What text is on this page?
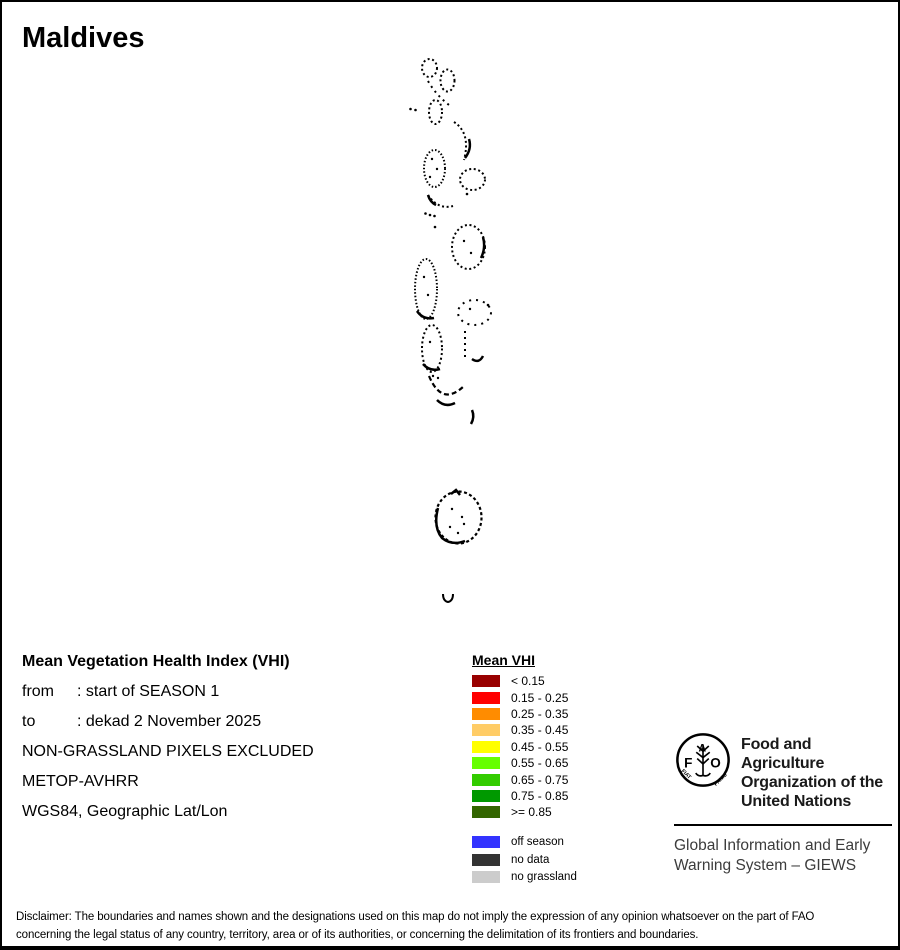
Maldives
Mean Vegetation Health Index (VHI)
from : start of SEASON 1
to	: dekad 2 November 2025
NON-GRASSLAND PIXELS EXCLUDED
METOP-AVHRR
WGS84, Geographic Lat/Lon
Mean VHI
< 0.15
0.15 - 0.25
0.25 - 0.35
0.35 - 0.45
0.45 - 0.55
0.55 - 0.65
0.65 - 0.75
0.75 - 0.85
>= 0.85
off season
no data
no grassland
A
F O
FIAT	PANIS
Food and Agriculture
Organization of the
United Nations
Global Information and Early
Warning System – GIEWS
Disclaimer: The boundaries and names shown and the designations used on this map do not imply the expression of any opinion whatsoever on the part of FAO
concerning the legal status of any country, territory, area or of its authorities, or concerning the delimitation of its frontiers and boundaries.
